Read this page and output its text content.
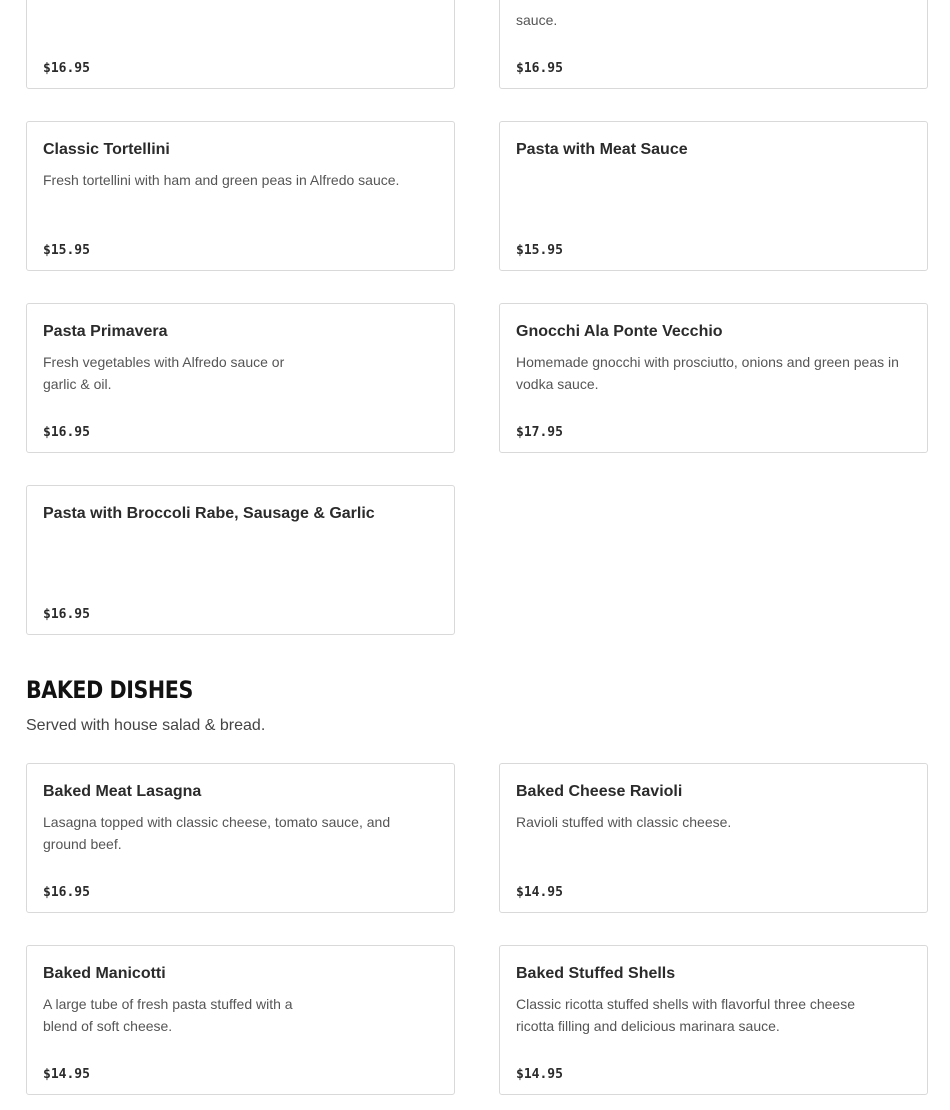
$16.95
sauce.
$16.95
Classic Tortellini
Fresh tortellini with ham and green peas in Alfredo sauce.
$15.95
Pasta with Meat Sauce
$15.95
Pasta Primavera
Fresh vegetables with Alfredo sauce or garlic & oil.
$16.95
Gnocchi Ala Ponte Vecchio
Homemade gnocchi with prosciutto, onions and green peas in vodka sauce.
$17.95
Pasta with Broccoli Rabe, Sausage & Garlic
$16.95
BAKED DISHES
Served with house salad & bread.
Baked Meat Lasagna
Lasagna topped with classic cheese, tomato sauce, and ground beef.
$16.95
Baked Cheese Ravioli
Ravioli stuffed with classic cheese.
$14.95
Baked Manicotti
A large tube of fresh pasta stuffed with a blend of soft cheese.
$14.95
Baked Stuffed Shells
Classic ricotta stuffed shells with flavorful three cheese ricotta filling and delicious marinara sauce.
$14.95
